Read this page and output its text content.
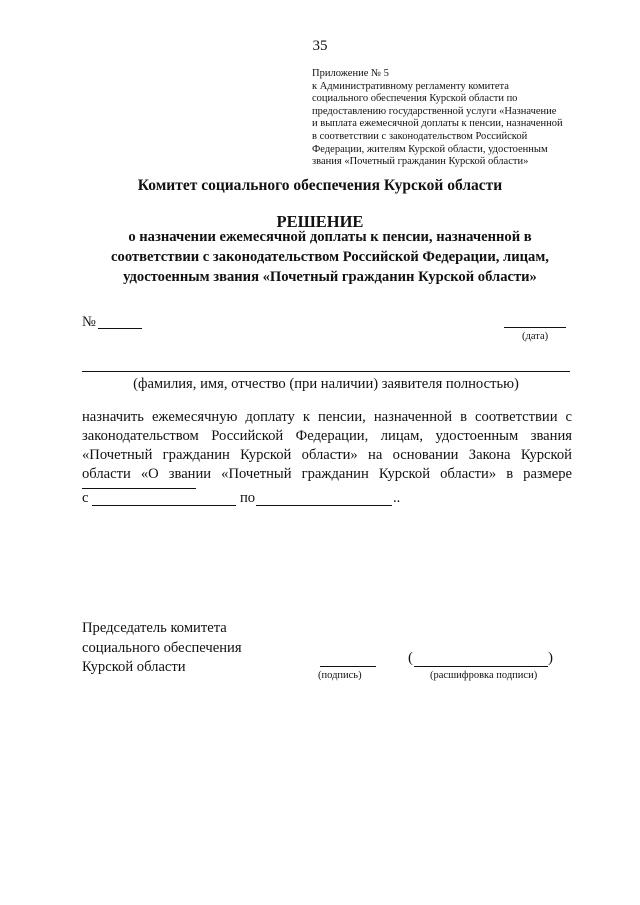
35
Приложение № 5
к Административному регламенту комитета
социального обеспечения Курской области по
предоставлению государственной услуги «Назначение
и выплата ежемесячной доплаты к пенсии, назначенной
в соответствии с законодательством Российской
Федерации, жителям Курской области, удостоенным
звания «Почетный гражданин Курской области»
Комитет социального обеспечения Курской области
РЕШЕНИЕ
о назначении ежемесячной доплаты к пенсии, назначенной в
соответствии с законодательством Российской Федерации, лицам,
удостоенным звания «Почетный гражданин Курской области»
№
(дата)
(фамилия, имя, отчество (при наличии) заявителя полностью)
назначить ежемесячную доплату к пенсии, назначенной в соответствии с
законодательством Российской Федерации, лицам, удостоенным звания
«Почетный гражданин Курской области» на основании Закона Курской
области «О звании «Почетный гражданин Курской области» в размере
с	по	..
Председатель комитета
социального обеспечения
Курской области
(подпись)
(	)
(расшифровка подписи)
